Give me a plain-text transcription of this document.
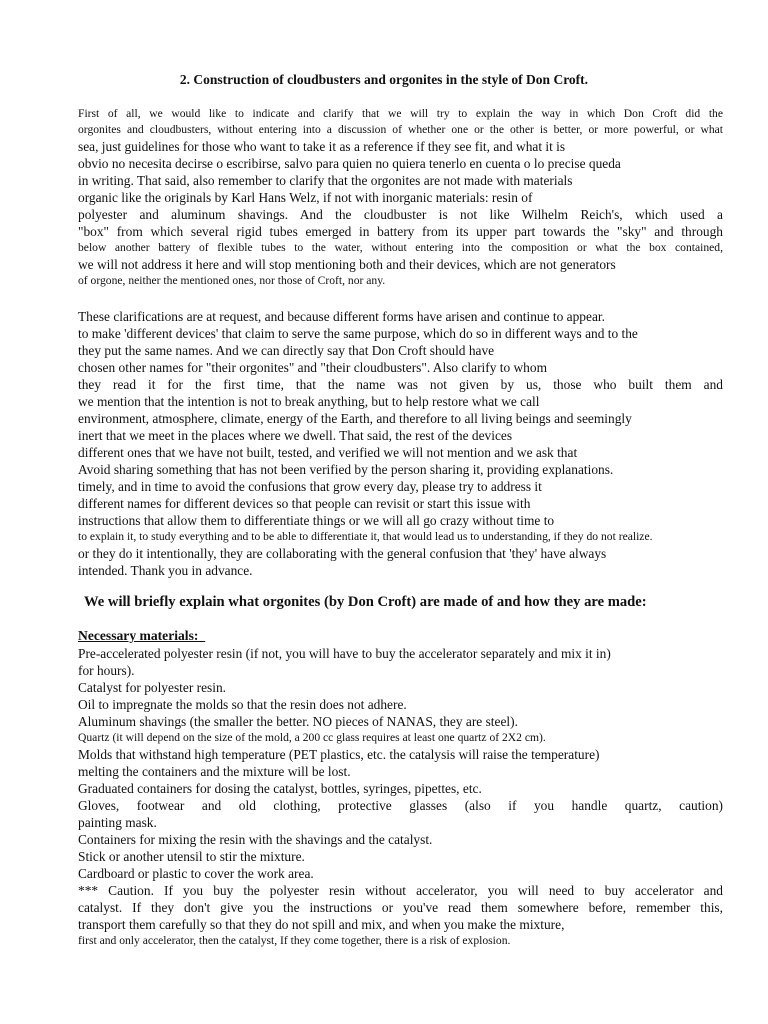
2. Construction of cloudbusters and orgonites in the style of Don Croft.
First of all, we would like to indicate and clarify that we will try to explain the way in which Don Croft did the
orgonites and cloudbusters, without entering into a discussion of whether one or the other is better, or more powerful, or what
sea, just guidelines for those who want to take it as a reference if they see fit, and what it is
obvio no necesita decirse o escribirse, salvo para quien no quiera tenerlo en cuenta o lo precise queda
in writing. That said, also remember to clarify that the orgonites are not made with materials
organic like the originals by Karl Hans Welz, if not with inorganic materials: resin of
polyester and aluminum shavings. And the cloudbuster is not like Wilhelm Reich's, which used a
"box" from which several rigid tubes emerged in battery from its upper part towards the "sky" and through
below another battery of flexible tubes to the water, without entering into the composition or what the box contained,
we will not address it here and will stop mentioning both and their devices, which are not generators
of orgone, neither the mentioned ones, nor those of Croft, nor any.
These clarifications are at request, and because different forms have arisen and continue to appear.
to make 'different devices' that claim to serve the same purpose, which do so in different ways and to the
they put the same names. And we can directly say that Don Croft should have
chosen other names for "their orgonites" and "their cloudbusters". Also clarify to whom
they read it for the first time, that the name was not given by us, those who built them and
we mention that the intention is not to break anything, but to help restore what we call
environment, atmosphere, climate, energy of the Earth, and therefore to all living beings and seemingly
inert that we meet in the places where we dwell. That said, the rest of the devices
different ones that we have not built, tested, and verified we will not mention and we ask that
Avoid sharing something that has not been verified by the person sharing it, providing explanations.
timely, and in time to avoid the confusions that grow every day, please try to address it
different names for different devices so that people can revisit or start this issue with
instructions that allow them to differentiate things or we will all go crazy without time to
to explain it, to study everything and to be able to differentiate it, that would lead us to understanding, if they do not realize.
or they do it intentionally, they are collaborating with the general confusion that 'they' have always
intended. Thank you in advance.
We will briefly explain what orgonites (by Don Croft) are made of and how they are made:
Necessary materials:
Pre-accelerated polyester resin (if not, you will have to buy the accelerator separately and mix it in)
for hours).
Catalyst for polyester resin.
Oil to impregnate the molds so that the resin does not adhere.
Aluminum shavings (the smaller the better. NO pieces of NANAS, they are steel).
Quartz (it will depend on the size of the mold, a 200 cc glass requires at least one quartz of 2X2 cm).
Molds that withstand high temperature (PET plastics, etc. the catalysis will raise the temperature)
melting the containers and the mixture will be lost.
Graduated containers for dosing the catalyst, bottles, syringes, pipettes, etc.
Gloves, footwear and old clothing, protective glasses (also if you handle quartz, caution)
painting mask.
Containers for mixing the resin with the shavings and the catalyst.
Stick or another utensil to stir the mixture.
Cardboard or plastic to cover the work area.
*** Caution. If you buy the polyester resin without accelerator, you will need to buy accelerator and
catalyst. If they don't give you the instructions or you've read them somewhere before, remember this,
transport them carefully so that they do not spill and mix, and when you make the mixture,
first and only accelerator, then the catalyst, If they come together, there is a risk of explosion.
